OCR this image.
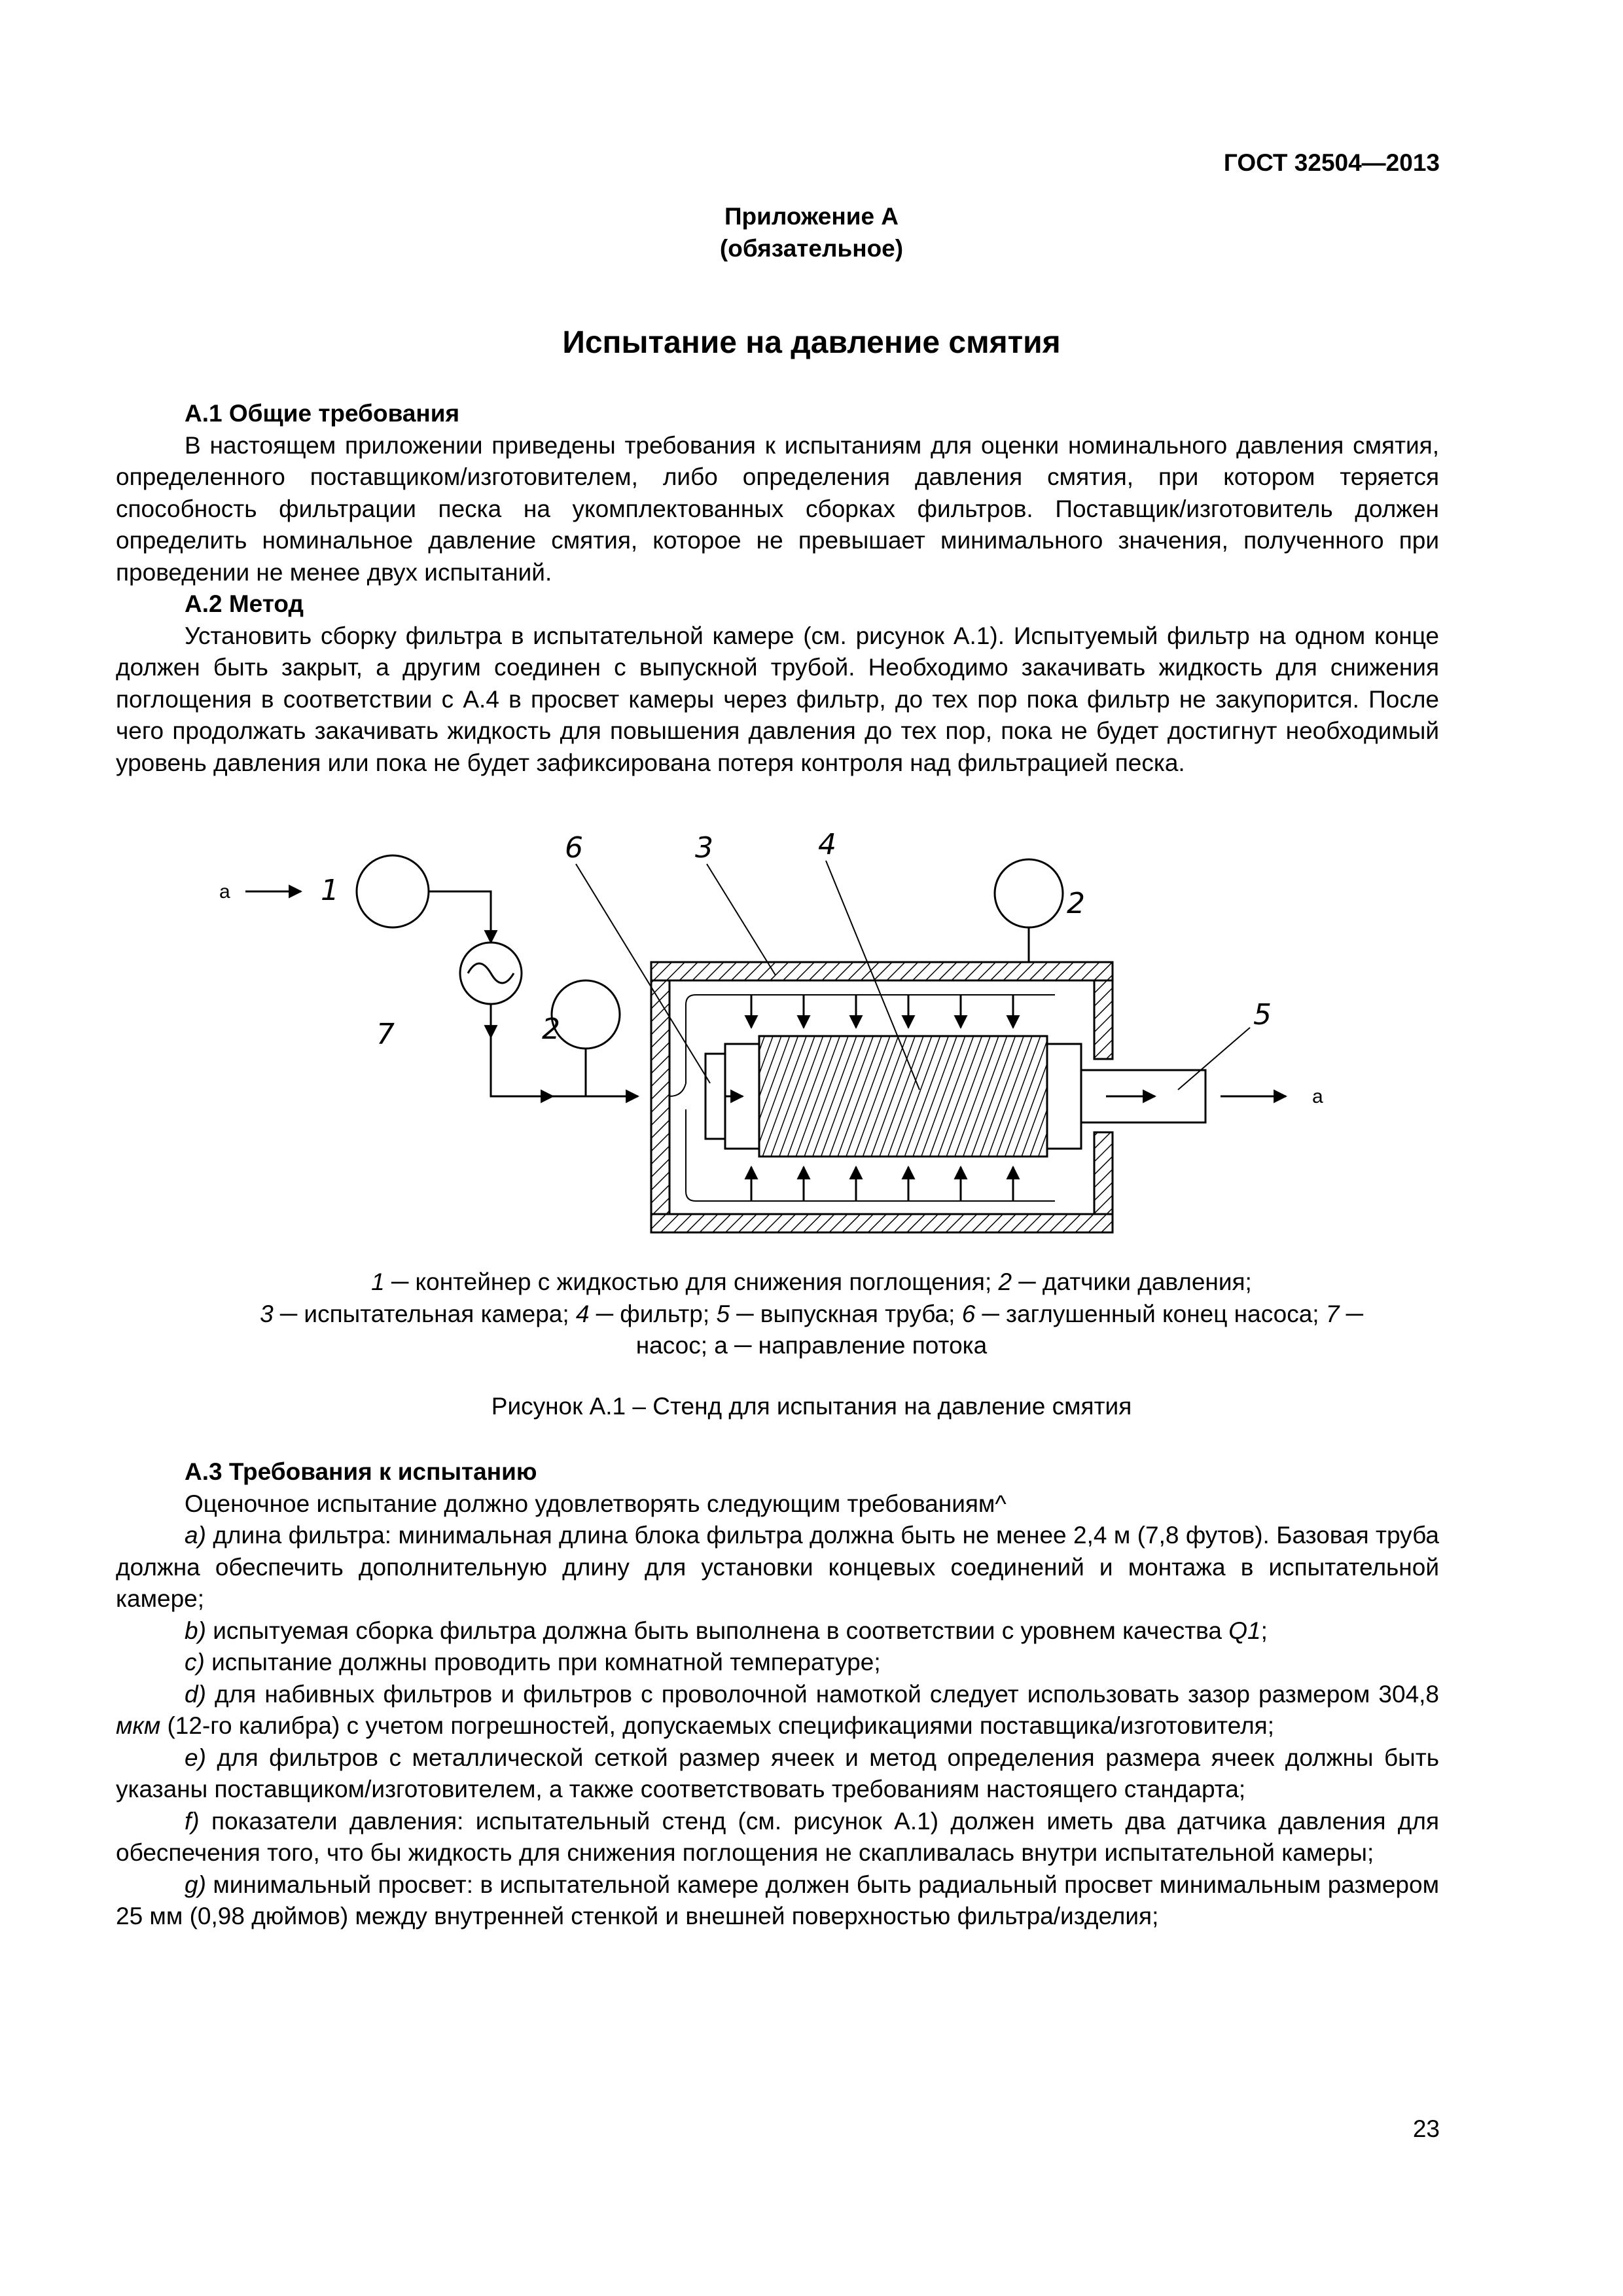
ГОСТ 32504—2013
Приложение А
(обязательное)
Испытание на давление смятия

А.1 Общие требования

В настоящем приложении приведены требования к испытаниям для оценки номинального давления смятия, определенного поставщиком/изготовителем, либо определения давления смятия, при котором теряется способность фильтрации песка на укомплектованных сборках фильтров. Поставщик/изготовитель должен определить номинальное давление смятия, которое не превышает минимального значения, полученного при проведении не менее двух испытаний.

А.2 Метод

Установить сборку фильтра в испытательной камере (см. рисунок А.1). Испытуемый фильтр на одном конце должен быть закрыт, а другим соединен с выпускной трубой. Необходимо закачивать жидкость для снижения поглощения в соответствии с А.4 в просвет камеры через фильтр, до тех пор пока фильтр не закупорится. После чего продолжать закачивать жидкость для повышения давления до тех пор, пока не будет достигнут необходимый уровень давления или пока не будет зафиксирована потеря контроля над фильтрацией песка.

a	1
7	2
a
2
6	3	4
5
1 ─ контейнер с жидкостью для снижения поглощения; 2 ─ датчики давления;
3 ─ испытательная камера; 4 ─ фильтр; 5 ─ выпускная труба; 6 ─ заглушенный конец насоса; 7 ─
насос; а ─ направление потока
Рисунок А.1 – Стенд для испытания на давление смятия

А.3 Требования к испытанию

Оценочное испытание должно удовлетворять следующим требованиям^

а) длина фильтра: минимальная длина блока фильтра должна быть не менее 2,4 м (7,8 футов). Базовая труба должна обеспечить дополнительную длину для установки концевых соединений и монтажа в испытательной камере;

b) испытуемая сборка фильтра должна быть выполнена в соответствии с уровнем качества Q1;

с) испытание должны проводить при комнатной температуре;

d) для набивных фильтров и фильтров с проволочной намоткой следует использовать зазор размером 304,8 мкм (12-го калибра) с учетом погрешностей, допускаемых спецификациями поставщика/изготовителя;

е) для фильтров с металлической сеткой размер ячеек и метод определения размера ячеек должны быть указаны поставщиком/изготовителем, а также соответствовать требованиям настоящего стандарта;

f) показатели давления: испытательный стенд (см. рисунок А.1) должен иметь два датчика давления для обеспечения того, что бы жидкость для снижения поглощения не скапливалась внутри испытательной камеры;

g) минимальный просвет: в испытательной камере должен быть радиальный просвет минимальным размером 25 мм (0,98 дюймов) между внутренней стенкой и внешней поверхностью фильтра/изделия;

23
